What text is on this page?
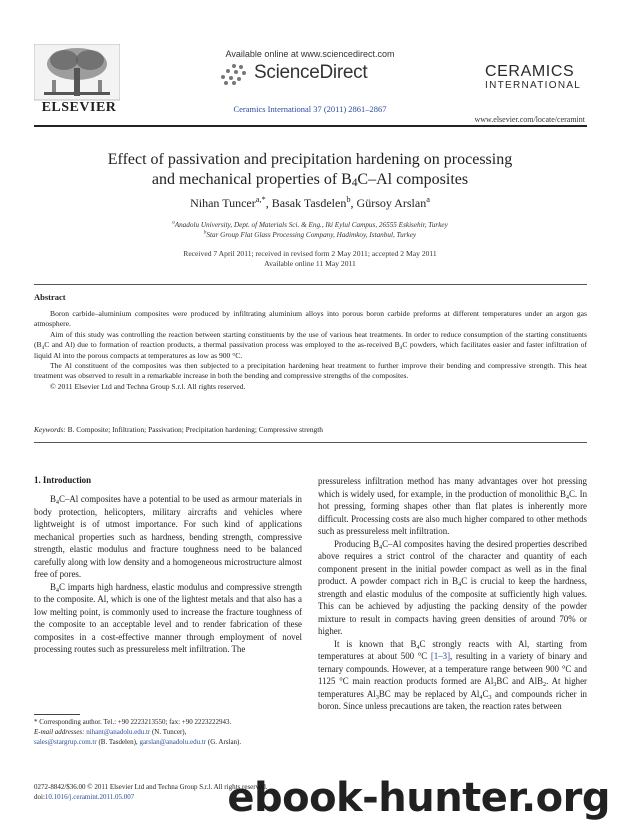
ELSEVIER
Available online at www.sciencedirect.com
ScienceDirect
Ceramics International 37 (2011) 2861–2867
CERAMICS
INTERNATIONAL
www.elsevier.com/locate/ceramint
Effect of passivation and precipitation hardening on processing
and mechanical properties of $B_4C-Al$ composites
Nihan Tuncer$^{a,*}$, Basak Tasdelen$^b$, Gürsoy Arslan$^a$
$^a$Anadolu University, Dept. of Materials Sci. & Eng., Iki Eylul Campus, 26555 Eskisehir, Turkey
$^b$Star Group Flat Glass Processing Company, Hadimkoy, Istanbul, Turkey
Received 7 April 2011; received in revised form 2 May 2011; accepted 2 May 2011
Available online 11 May 2011
Abstract

Boron carbide–aluminium composites were produced by infiltrating aluminium alloys into porous boron carbide preforms at different temperatures under an argon gas atmosphere.

Aim of this study was controlling the reaction between starting constituents by the use of various heat treatments. In order to reduce consumption of the starting constituents ($B_4C$ and Al) due to formation of reaction products, a thermal passivation process was employed to the as-received $B_4C$ powders, which facilitates easier and faster infiltration of liquid Al into the porous compacts at temperatures as low as 900 °C.

The Al constituent of the composites was then subjected to a precipitation hardening heat treatment to further improve their bending and compressive strength. This heat treatment was observed to result in a remarkable increase in both the bending and compressive strengths of the composites.

© 2011 Elsevier Ltd and Techna Group S.r.l. All rights reserved.

Keywords: B. Composite; Infiltration; Passivation; Precipitation hardening; Compressive strength
1. Introduction

$B_4C-Al$ composites have a potential to be used as armour materials in body protection, helicopters, military aircrafts and vehicles where lightweight is of utmost importance. For such kind of applications mechanical properties such as hardness, bending strength, compressive strength, elastic modulus and fracture toughness need to be balanced carefully along with low density and a homogeneous microstructure almost free of pores.

$B_4C$ imparts high hardness, elastic modulus and compressive strength to the composite. Al, which is one of the lightest metals and that also has a low melting point, is commonly used to increase the fracture toughness of the composite to an acceptable level and to render fabrication of these composites in a cost-effective manner through employment of novel processing routes such as pressureless melt infiltration. The

pressureless infiltration method has many advantages over hot pressing which is widely used, for example, in the production of monolithic $B_4C$. In hot pressing, forming shapes other than flat plates is inherently more difficult. Processing costs are also much higher compared to other methods such as pressureless melt infiltration.

Producing $B_4C-Al$ composites having the desired properties described above requires a strict control of the character and quantity of each component present in the initial powder compact as well as in the final product. A powder compact rich in $B_4C$ is crucial to keep the hardness, strength and elastic modulus of the composite at sufficiently high values. This can be achieved by adjusting the packing density of the powder mixture to result in compacts having green densities of around 70% or higher.

It is known that $B_4C$ strongly reacts with Al, starting from temperatures at about 500 °C [1–3], resulting in a variety of binary and ternary compounds. However, at a temperature range between 900 °C and 1125 °C main reaction products formed are $Al_3BC$ and AlB$_2$. At higher temperatures $Al_3BC$ may be replaced by $Al_4C_3$ and compounds richer in boron. Since unless precautions are taken, the reaction rates between

* Corresponding author. Tel.: +90 2223213550; fax: +90 2223222943.
E-mail addresses: nihant@anadolu.edu.tr (N. Tuncer),
sales@stargrup.com.tr (B. Tasdelen), garslan@anadolu.edu.tr (G. Arslan).
0272-8842/$36.00 © 2011 Elsevier Ltd and Techna Group S.r.l. All rights reserved.
doi:10.1016/j.ceramint.2011.05.007	ebook-hunter.org
